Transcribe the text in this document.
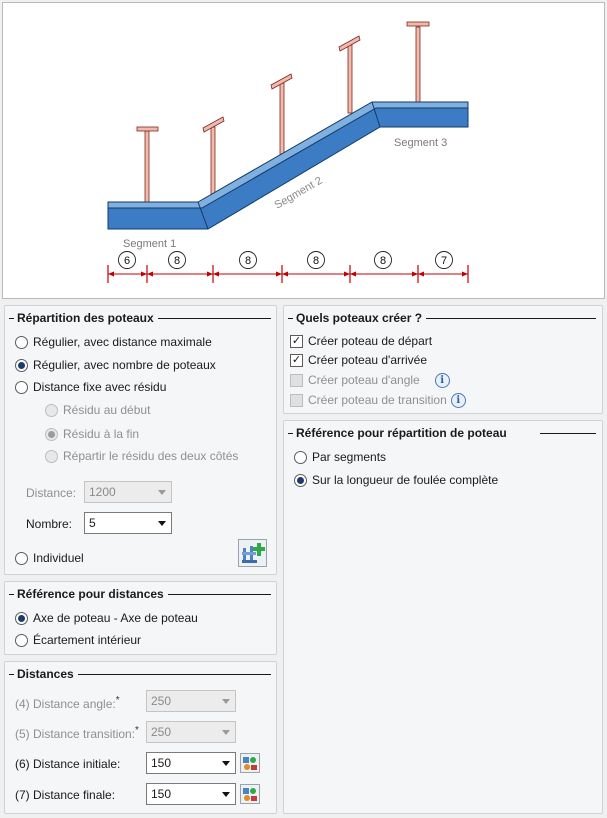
Segment 1
Segment 2
Segment 3
6	8	8	8	8	7
Répartition des poteaux
Régulier, avec distance maximale
Régulier, avec nombre de poteaux
Distance fixe avec résidu
Résidu au début
Résidu à la fin
Répartir le résidu des deux côtés
Distance: 1200
Nombre: 5
Individuel
Référence pour distances
Axe de poteau - Axe de poteau
Écartement intérieur
Distances
(4) Distance angle:*	250
(5) Distance transition:* 250
(6) Distance initiale:	150
(7) Distance finale:	150
Quels poteaux créer ?
✓ Créer poteau de départ
✓ Créer poteau d'arrivée
Créer poteau d'angle	i
Créer poteau de transition i
Référence pour répartition de poteau
Par segments
Sur la longueur de foulée complète
